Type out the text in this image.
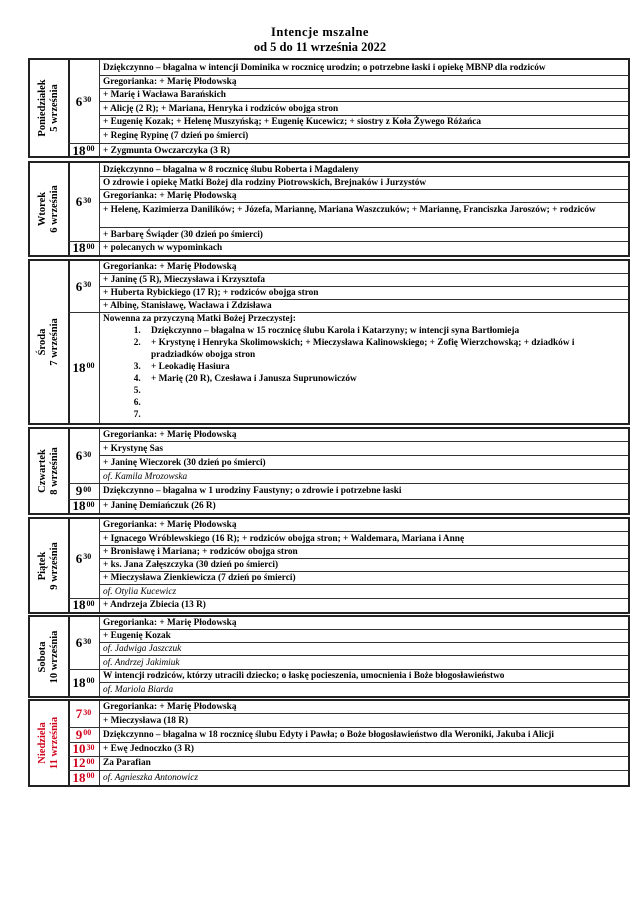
Intencje mszalne
od 5 do 11 września 2022
Poniedziałek
5 września $6^{30}$
Dziękczynno – błagalna w intencji Dominika w rocznicę urodzin; o potrzebne łaski i opiekę MBNP dla rodziców
Gregorianka: + Marię Płodowską
+ Marię i Wacława Barańskich
+ Alicję (2 R); + Mariana, Henryka i rodziców obojga stron
+ Eugenię Kozak; + Helenę Muszyńską; + Eugenię Kucewicz; + siostry z Koła Żywego Różańca
+ Reginę Rypinę (7 dzień po śmierci)
$18^{00}$ + Zygmunta Owczarczyka (3 R)
Wtorek
6 września $6^{30}$
Dziękczynno – błagalna w 8 rocznicę ślubu Roberta i Magdaleny
O zdrowie i opiekę Matki Bożej dla rodziny Piotrowskich, Brejnaków i Jurzystów
Gregorianka: + Marię Płodowską
+ Helenę, Kazimierza Danilików; + Józefa, Mariannę, Mariana Waszczuków; + Mariannę, Franciszka Jaroszów; + rodziców
+ Barbarę Świąder (30 dzień po śmierci)
$18^{00}$ + polecanych w wypominkach
Środa
7 września
$6^{30}$
Gregorianka: + Marię Płodowską
+ Janinę (5 R), Mieczysława i Krzysztofa
+ Huberta Rybickiego (17 R); + rodziców obojga stron
+ Albinę, Stanisławę, Wacława i Zdzisława
$18^{00}$
Nowenna za przyczyną Matki Bożej Przeczystej:
1. Dziękczynno – błagalna w 15 rocznicę ślubu Karola i Katarzyny; w intencji syna Bartłomieja
2. + Krystynę i Henryka Skolimowskich; + Mieczysława Kalinowskiego; + Zofię Wierzchowską; + dziadków i pradziadków obojga stron
3. + Leokadię Hasiura
4. + Marię (20 R), Czesława i Janusza Suprunowiczów
5.
6.
7.
Czwartek
8 września $6^{30}$
Gregorianka: + Marię Płodowską
+ Krystynę Sas
+ Janinę Wieczorek (30 dzień po śmierci)
of. Kamila Mrozowska
$9^{00}$	Dziękczynno – błagalna w 1 urodziny Faustyny; o zdrowie i potrzebne łaski
$18^{00}$ + Janinę Demiańczuk (26 R)
Piątek
9 września $6^{30}$
Gregorianka: + Marię Płodowską
+ Ignacego Wróblewskiego (16 R); + rodziców obojga stron; + Waldemara, Mariana i Annę
+ Bronisławę i Mariana; + rodziców obojga stron
+ ks. Jana Załęszczyka (30 dzień po śmierci)
+ Mieczysława Zienkiewicza (7 dzień po śmierci)
of. Otylia Kucewicz
$18^{00}$ + Andrzeja Zbiecia (13 R)
Sobota
10 września $6^{30}$
Gregorianka: + Marię Płodowską
+ Eugenię Kozak
of. Jadwiga Jaszczuk
of. Andrzej Jakimiuk
$18^{00}$ W intencji rodziców, którzy utracili dziecko; o łaskę pocieszenia, umocnienia i Boże błogosławieństwo
of. Mariola Biarda
Niedziela
11 września
$7^{30}$	Gregorianka: + Marię Płodowską
+ Mieczysława (18 R)
$9^{00}$	Dziękczynno – błagalna w 18 rocznicę ślubu Edyty i Pawła; o Boże błogosławieństwo dla Weroniki, Jakuba i Alicji
$10^{30}$ + Ewę Jednoczko (3 R)
$12^{00}$ Za Parafian
$18^{00}$ of. Agnieszka Antonowicz
